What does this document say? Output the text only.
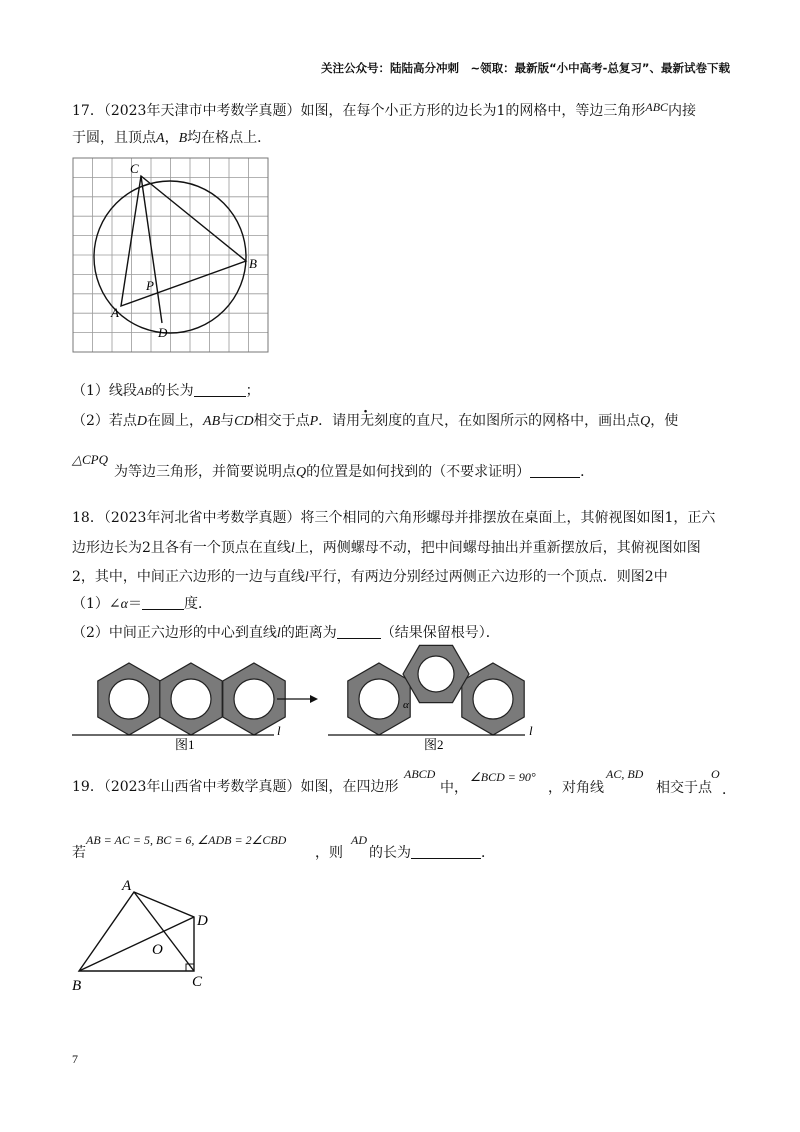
关注公众号：陆陆高分冲刺　~领取：最新版“小中高考-总复习”、最新试卷下载
17．（2023年天津市中考数学真题）如图，在每个小正方形的边长为1的网格中，等边三角形ABC内接
于圆，且顶点A，B均在格点上．
C
B
P
A
D
（1）线段AB的长为	；
（2）若点D在圆上，AB与CD相交于点P．请用无刻度的直尺，在如图所示的网格中，画出点Q，使
△CPQ
为等边三角形，并简要说明点Q的位置是如何找到的（不要求证明）	．
18．（2023年河北省中考数学真题）将三个相同的六角形螺母并排摆放在桌面上，其俯视图如图1，正六
边形边长为2且各有一个顶点在直线l上，两侧螺母不动，把中间螺母抽出并重新摆放后，其俯视图如图
2，其中，中间正六边形的一边与直线l平行，有两边分别经过两侧正六边形的一个顶点．则图2中
（1）∠α＝	度．
（2）中间正六边形的中心到直线l的距离为	（结果保留根号）．
l	l
α
图1	图2
19．（2023年山西省中考数学真题）如图，在四边形
ABCD
中，
∠BCD = 90°
，对角线
AC, BD
相交于点
O
．
若
AB = AC = 5, BC = 6, ∠ADB = 2∠CBD
，则
AD
的长为	．
A
D
O
B	C
7
